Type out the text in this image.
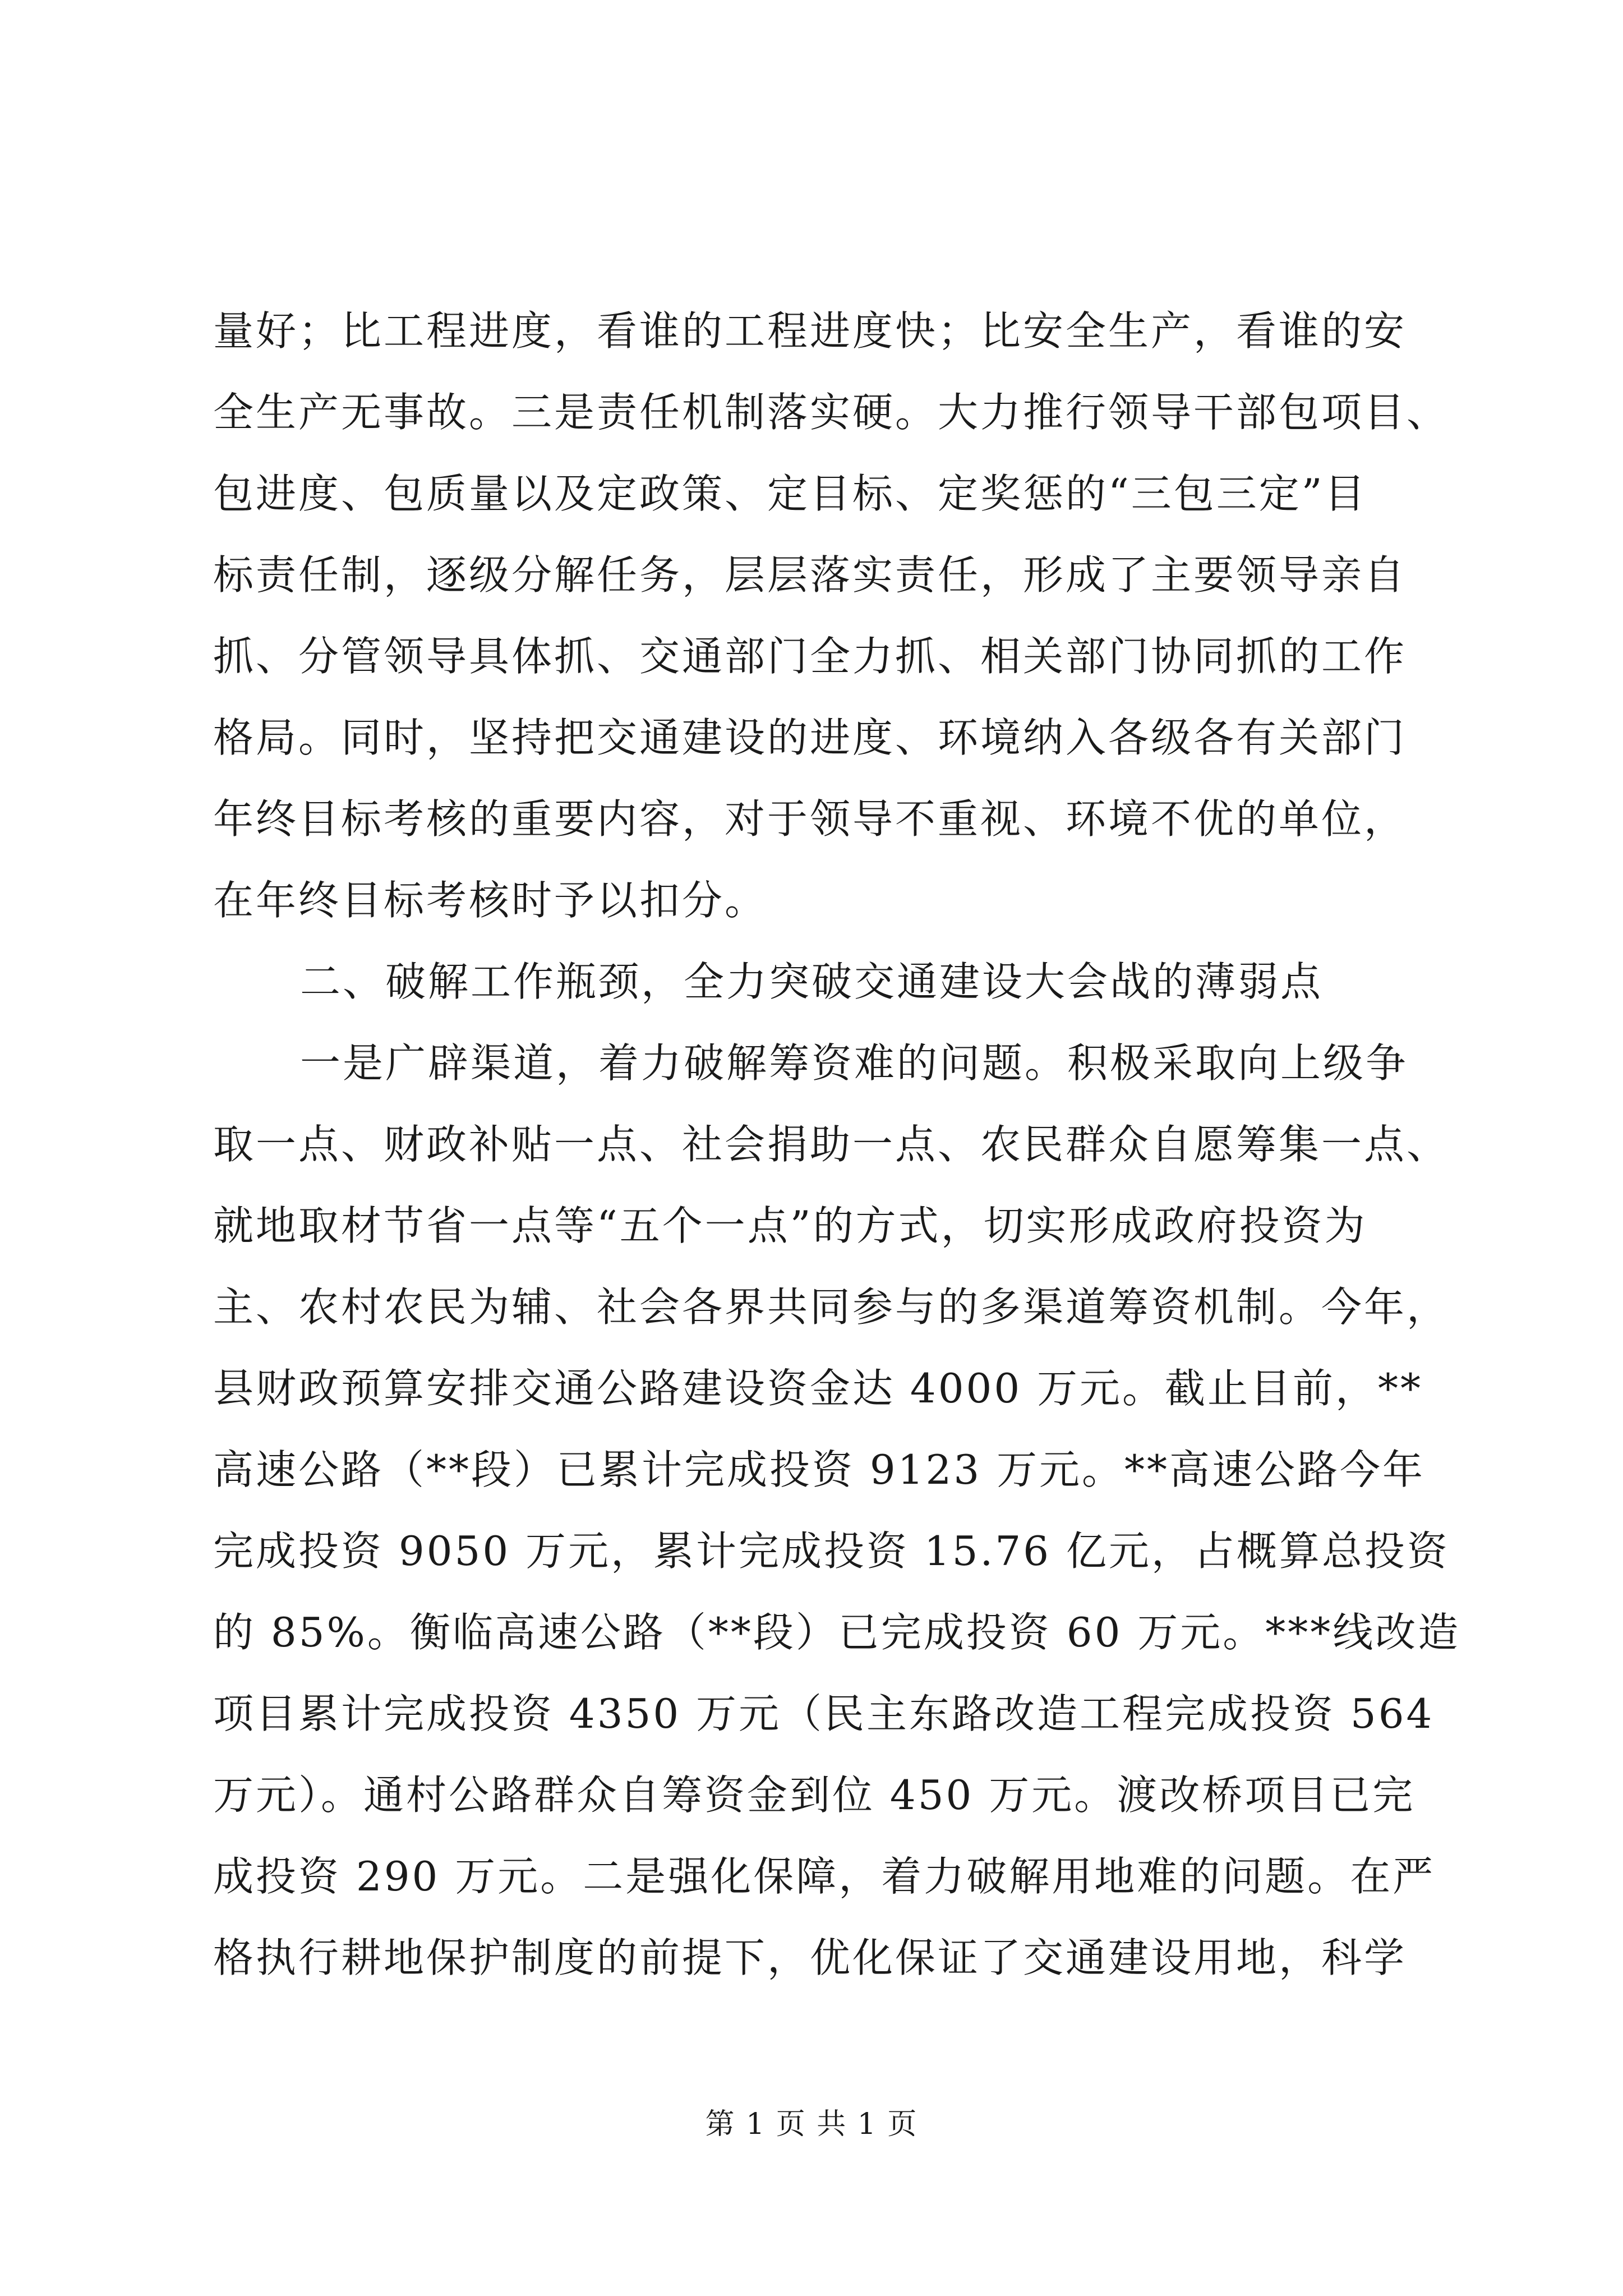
量好；比工程进度，看谁的工程进度快；比安全生产，看谁的安
全生产无事故。三是责任机制落实硬。大力推行领导干部包项目、
包进度、包质量以及定政策、定目标、定奖惩的“三包三定”目
标责任制，逐级分解任务，层层落实责任，形成了主要领导亲自
抓、分管领导具体抓、交通部门全力抓、相关部门协同抓的工作
格局。同时，坚持把交通建设的进度、环境纳入各级各有关部门
年终目标考核的重要内容，对于领导不重视、环境不优的单位，
在年终目标考核时予以扣分。
二、破解工作瓶颈，全力突破交通建设大会战的薄弱点
一是广辟渠道，着力破解筹资难的问题。积极采取向上级争
取一点、财政补贴一点、社会捐助一点、农民群众自愿筹集一点、
就地取材节省一点等“五个一点”的方式，切实形成政府投资为
主、农村农民为辅、社会各界共同参与的多渠道筹资机制。今年，
县财政预算安排交通公路建设资金达 4000 万元。截止目前，**
高速公路（**段）已累计完成投资 9123 万元。**高速公路今年
完成投资 9050 万元，累计完成投资 15.76 亿元，占概算总投资
的 85%。衡临高速公路（**段）已完成投资 60 万元。***线改造
项目累计完成投资 4350 万元（民主东路改造工程完成投资 564
万元）。通村公路群众自筹资金到位 450 万元。渡改桥项目已完
成投资 290 万元。二是强化保障，着力破解用地难的问题。在严
格执行耕地保护制度的前提下，优化保证了交通建设用地，科学
第 1 页 共 1 页
